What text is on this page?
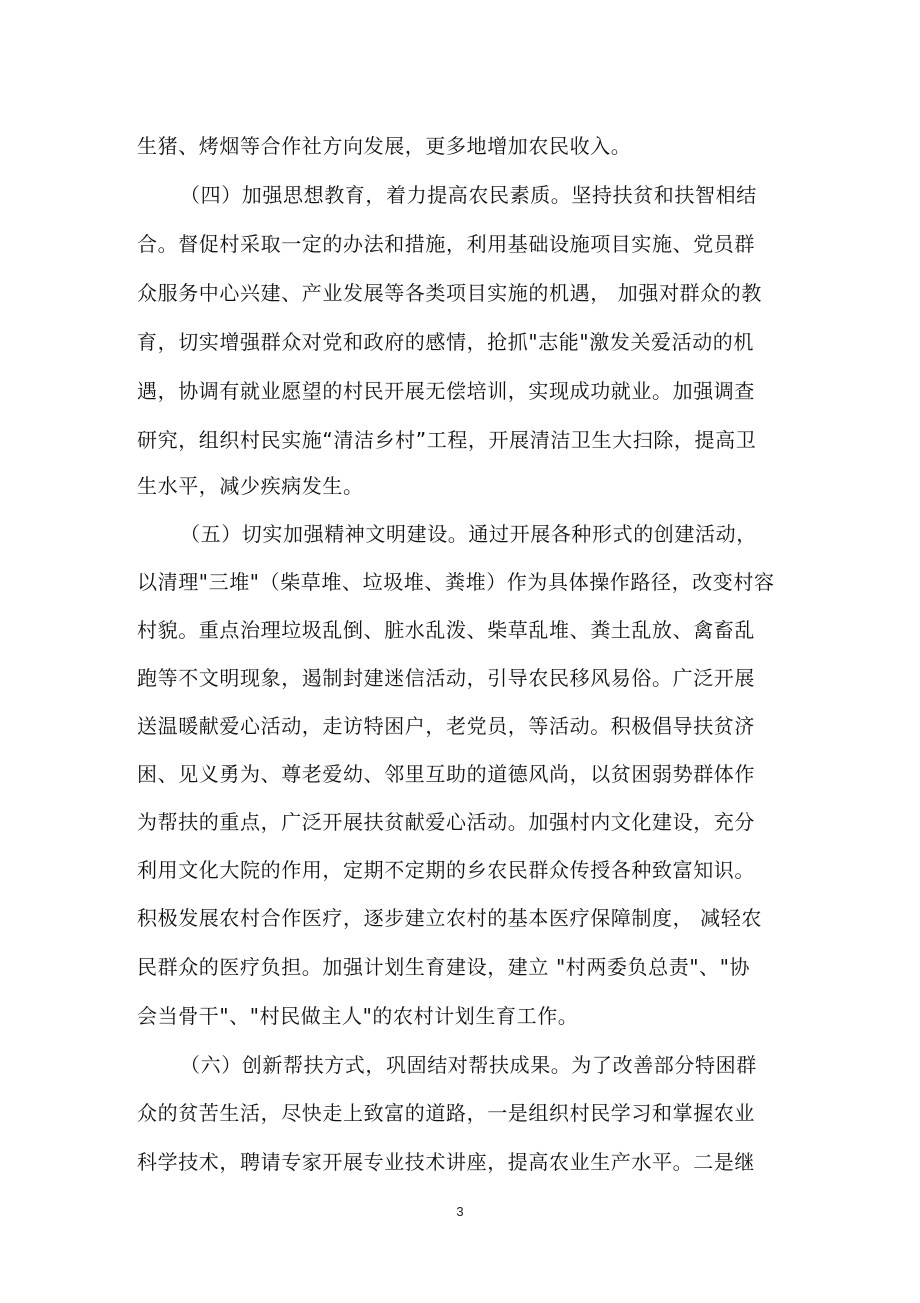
生猪、烤烟等合作社方向发展，更多地增加农民收入。
（四）加强思想教育，着力提高农民素质。坚持扶贫和扶智相结
合。督促村采取一定的办法和措施，利用基础设施项目实施、党员群
众服务中心兴建、产业发展等各类项目实施的机遇， 加强对群众的教
育，切实增强群众对党和政府的感情，抢抓"志能"激发关爱活动的机
遇，协调有就业愿望的村民开展无偿培训，实现成功就业。加强调查
研究，组织村民实施“清洁乡村”工程，开展清洁卫生大扫除，提高卫
生水平，减少疾病发生。
（五）切实加强精神文明建设。通过开展各种形式的创建活动，
以清理"三堆"（柴草堆、垃圾堆、粪堆）作为具体操作路径，改变村容
村貌。重点治理垃圾乱倒、脏水乱泼、柴草乱堆、粪土乱放、禽畜乱
跑等不文明现象，遏制封建迷信活动，引导农民移风易俗。广泛开展
送温暖献爱心活动，走访特困户，老党员，等活动。积极倡导扶贫济
困、见义勇为、尊老爱幼、邻里互助的道德风尚，以贫困弱势群体作
为帮扶的重点，广泛开展扶贫献爱心活动。加强村内文化建设，充分
利用文化大院的作用，定期不定期的乡农民群众传授各种致富知识。
积极发展农村合作医疗，逐步建立农村的基本医疗保障制度， 减轻农
民群众的医疗负担。加强计划生育建设，建立 "村两委负总责"、"协
会当骨干"、"村民做主人"的农村计划生育工作。
（六）创新帮扶方式，巩固结对帮扶成果。为了改善部分特困群
众的贫苦生活，尽快走上致富的道路，一是组织村民学习和掌握农业
科学技术，聘请专家开展专业技术讲座，提高农业生产水平。二是继
3
